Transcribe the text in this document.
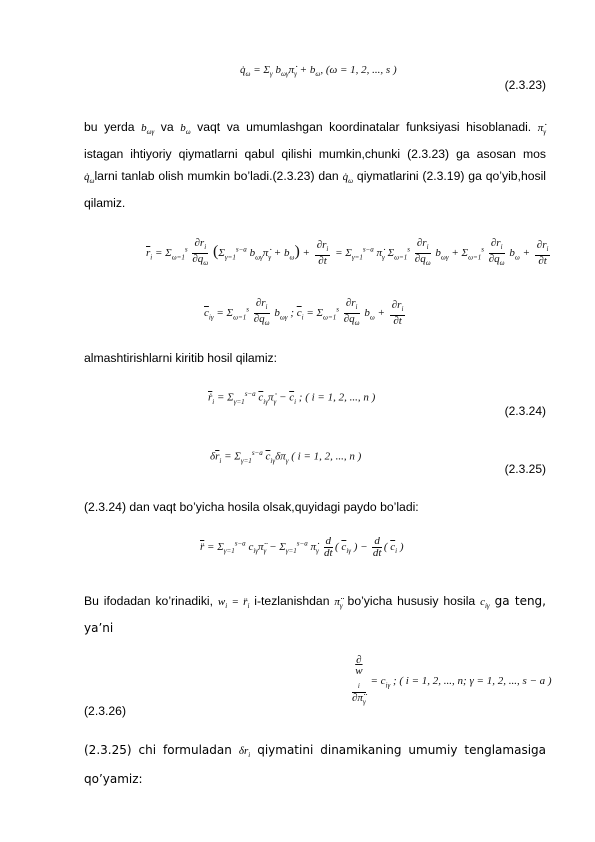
$q̇_\omega = \Sigma_\gamma$ $b_{\omega\gamma}\pi̇_\gamma + b_\omega$, (ω = 1, 2, ..., s )
(2.3.23)
bu yerda $b_{\omega\gamma}$ va $b_\omega$ vaqt va umumlashgan koordinatalar funksiyasi hisoblanadi. $\pi̇_\gamma$ istagan ihtiyoriy qiymatlarni qabul qilishi mumkin,chunki (2.3.23) ga asosan mos $q̇_\omega larni$ tanlab olish mumkin bo’ladi.(2.3.23) dan $q̇_\omega$ qiymatlarini (2.3.19) ga qo’yib,hosil qilamiz.
$\overline{r}_i = \Sigma_{\omega=1}^s \frac{\partial r_i}{\partial q_\omega} (\Sigma_{\gamma=1}^{s-a}$ $b_{\omega\gamma}\pi̇_\gamma + b_\omega) + \frac{\partial r_i}{\partial t} = \Sigma_{\gamma=1}^{s-a}$ $\pi̇_\gamma$ $\Sigma_{\omega=1}^s \frac{\partial r_i}{\partial q_\omega} b_{\omega\gamma} + \Sigma_{\omega=1}^s \frac{\partial r_i}{\partial q_\omega} b_\omega + \frac{\partial r_i}{\partial t}$
$\overline{c}_{i\gamma} = \Sigma_{\omega=1}^s \frac{\partial r_i}{\partial q_\omega} b_{\omega\gamma}$ ; $\overline{c}_i = \Sigma_{\omega=1}^s \frac{\partial r_i}{\partial q_\omega} b_\omega + \frac{\partial r_i}{\partial t}$
almashtirishlarni kiritib hosil qilamiz:
$\overline{ṙ}_i = \Sigma_{\gamma=1}^{s-a}$ $\overline{c}_{i\gamma}\pi̇_\gamma - \overline{c}_i$ ; ( i = 1, 2, ..., n )
(2.3.24)
$\delta\overline{r}_i = \Sigma_{\gamma=1}^{s-a}$ $\overline{c}_{i\gamma}\delta\pi_\gamma$ ( i = 1, 2, ..., n )
(2.3.25)
(2.3.24) dan vaqt bo’yicha hosila olsak,quyidagi paydo bo’ladi:
r̈ = $\Sigma_{\gamma=1}^{s-a}$ $c_{i\gamma}\pï_\gamma - \Sigma_{\gamma=1}^{s-a}$ $\pi̇_\gamma \frac{d}{dt}$ ( $\overline{c}_{i\gamma}$ ) − $\frac{d}{dt}$ ( $\overline{c}_i$ )
Bu ifodadan ko’rinadiki, $w_i$ = $r̈_i$ i-tezlanishdan $\pï_\gamma$ bo’yicha hususiy hosila $c_{i\gamma}$ ga teng, ya’ni
∂
$\overline{w}$
$_i$
$\partial\pï_\gamma = c_{i\gamma}$ ; ( i = 1, 2, ..., n; γ = 1, 2, ..., s − a )
(2.3.26)
(2.3.25) chi formuladan $\delta r_i$ qiymatini dinamikaning umumiy tenglamasiga qo’yamiz:
